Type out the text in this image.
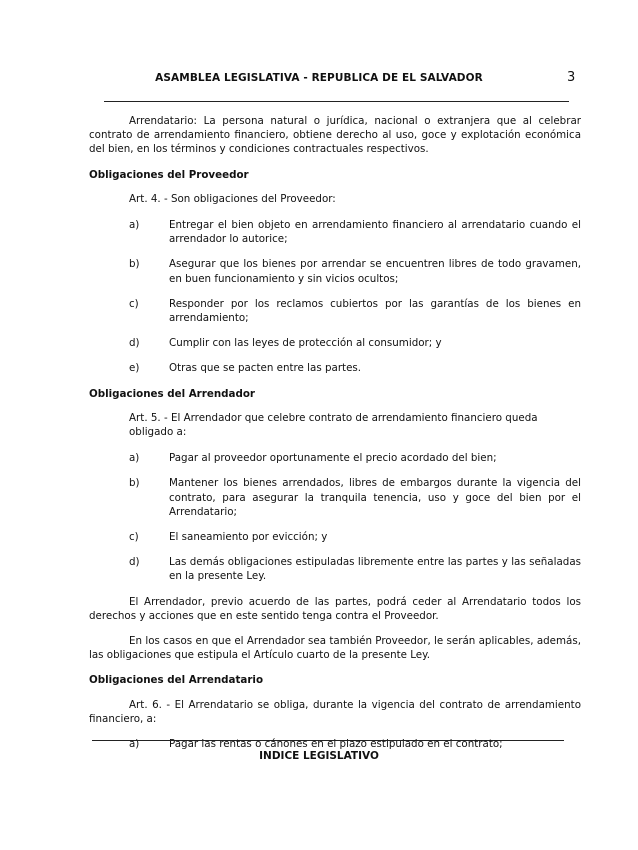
ASAMBLEA LEGISLATIVA - REPUBLICA DE EL SALVADOR	3

Arrendatario: La persona natural o jurídica, nacional o extranjera que al celebrar contrato de arrendamiento financiero, obtiene derecho al uso, goce y explotación económica del bien, en los términos y condiciones contractuales respectivos.

Obligaciones del Proveedor

Art. 4. - Son obligaciones del Proveedor:

a)	Entregar el bien objeto en arrendamiento financiero al arrendatario cuando el arrendador lo autorice;
b)	Asegurar que los bienes por arrendar se encuentren libres de todo gravamen, en buen funcionamiento y sin vicios ocultos;
c)	Responder por los reclamos cubiertos por las garantías de los bienes en arrendamiento;
d)	Cumplir con las leyes de protección al consumidor; y
e)	Otras que se pacten entre las partes.

Obligaciones del Arrendador

Art. 5. - El Arrendador que celebre contrato de arrendamiento financiero queda obligado a:

a)	Pagar al proveedor oportunamente el precio acordado del bien;
b)	Mantener los bienes arrendados, libres de embargos durante la vigencia del contrato, para asegurar la tranquila tenencia, uso y goce del bien por el Arrendatario;
c)	El saneamiento por evicción; y
d)	Las demás obligaciones estipuladas libremente entre las partes y las señaladas en la presente Ley.

El Arrendador, previo acuerdo de las partes, podrá ceder al Arrendatario todos los derechos y acciones que en este sentido tenga contra el Proveedor.

En los casos en que el Arrendador sea también Proveedor, le serán aplicables, además, las obligaciones que estipula el Artículo cuarto de la presente Ley.

Obligaciones del Arrendatario

Art. 6. - El Arrendatario se obliga, durante la vigencia del contrato de arrendamiento financiero, a:

a)	Pagar las rentas o cánones en el plazo estipulado en el contrato;
INDICE LEGISLATIVO
